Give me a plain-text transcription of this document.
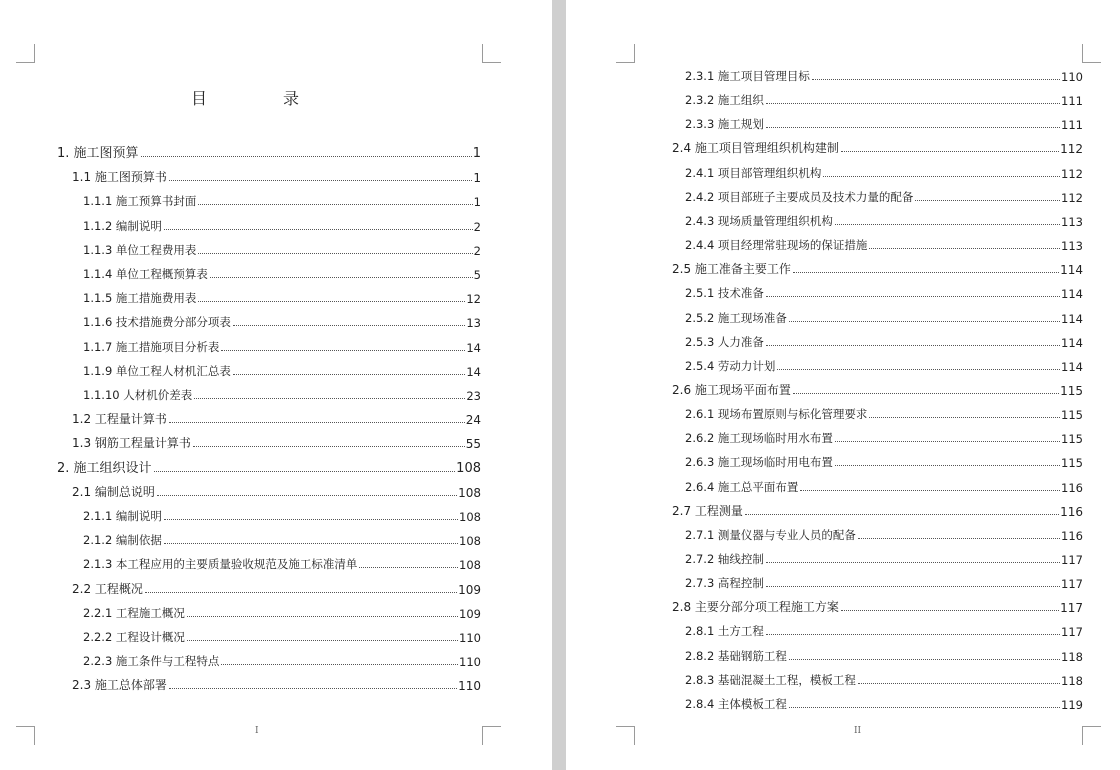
目　录
1. 施工图预算	1
1.1 施工图预算书	1
1.1.1 施工预算书封面	1
1.1.2 编制说明	2
1.1.3 单位工程费用表	2
1.1.4 单位工程概预算表	5
1.1.5 施工措施费用表	12
1.1.6 技术措施费分部分项表	13
1.1.7 施工措施项目分析表	14
1.1.9 单位工程人材机汇总表	14
1.1.10 人材机价差表	23
1.2 工程量计算书	24
1.3 钢筋工程量计算书	55
2. 施工组织设计	108
2.1 编制总说明	108
2.1.1 编制说明	108
2.1.2 编制依据	108
2.1.3 本工程应用的主要质量验收规范及施工标准清单	108
2.2 工程概况	109
2.2.1 工程施工概况	109
2.2.2 工程设计概况	110
2.2.3 施工条件与工程特点	110
2.3 施工总体部署	110
I
2.3.1 施工项目管理目标	110
2.3.2 施工组织	111
2.3.3 施工规划	111
2.4 施工项目管理组织机构建制	112
2.4.1 项目部管理组织机构	112
2.4.2 项目部班子主要成员及技术力量的配备	112
2.4.3 现场质量管理组织机构	113
2.4.4 项目经理常驻现场的保证措施	113
2.5 施工准备主要工作	114
2.5.1 技术准备	114
2.5.2 施工现场准备	114
2.5.3 人力准备	114
2.5.4 劳动力计划	114
2.6 施工现场平面布置	115
2.6.1 现场布置原则与标化管理要求	115
2.6.2 施工现场临时用水布置	115
2.6.3 施工现场临时用电布置	115
2.6.4 施工总平面布置	116
2.7 工程测量	116
2.7.1 测量仪器与专业人员的配备	116
2.7.2 轴线控制	117
2.7.3 高程控制	117
2.8 主要分部分项工程施工方案	117
2.8.1 土方工程	117
2.8.2 基础钢筋工程	118
2.8.3 基础混凝土工程，模板工程	118
2.8.4 主体模板工程	119
II
